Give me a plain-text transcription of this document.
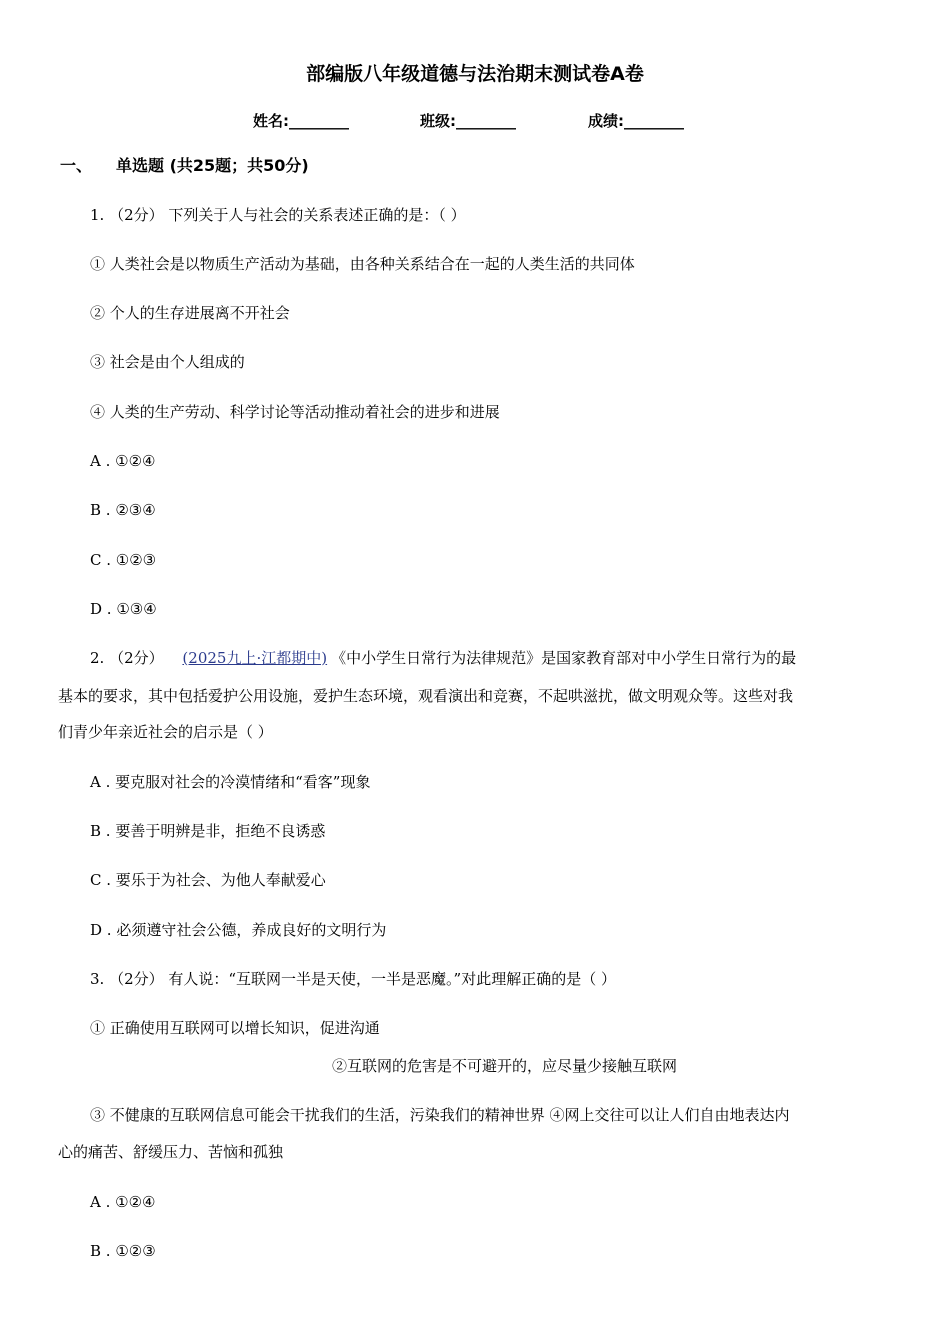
部编版八年级道德与法治期末测试卷A卷
姓名:________	班级:________	成绩:________
一、 单选题 (共25题；共50分)
1. （2分） 下列关于人与社会的关系表述正确的是：（ ）
① 人类社会是以物质生产活动为基础，由各种关系结合在一起的人类生活的共同体
② 个人的生存进展离不开社会
③ 社会是由个人组成的
④ 人类的生产劳动、科学讨论等活动推动着社会的进步和进展
A . ①②④
B . ②③④
C . ①②③
D . ①③④
2. （2分） (2025九上·江都期中) 《中小学生日常行为法律规范》是国家教育部对中小学生日常行为的最
基本的要求，其中包括爱护公用设施，爱护生态环境，观看演出和竞赛，不起哄滋扰，做文明观众等。这些对我
们青少年亲近社会的启示是（ ）
A . 要克服对社会的冷漠情绪和“看客”现象
B . 要善于明辨是非，拒绝不良诱惑
C . 要乐于为社会、为他人奉献爱心
D . 必须遵守社会公德，养成良好的文明行为
3. （2分） 有人说：“互联网一半是天使，一半是恶魔。”对此理解正确的是（ ）
① 正确使用互联网可以增长知识，促进沟通
②互联网的危害是不可避开的，应尽量少接触互联网
③ 不健康的互联网信息可能会干扰我们的生活，污染我们的精神世界 ④网上交往可以让人们自由地表达内
心的痛苦、舒缓压力、苦恼和孤独
A . ①②④
B . ①②③
